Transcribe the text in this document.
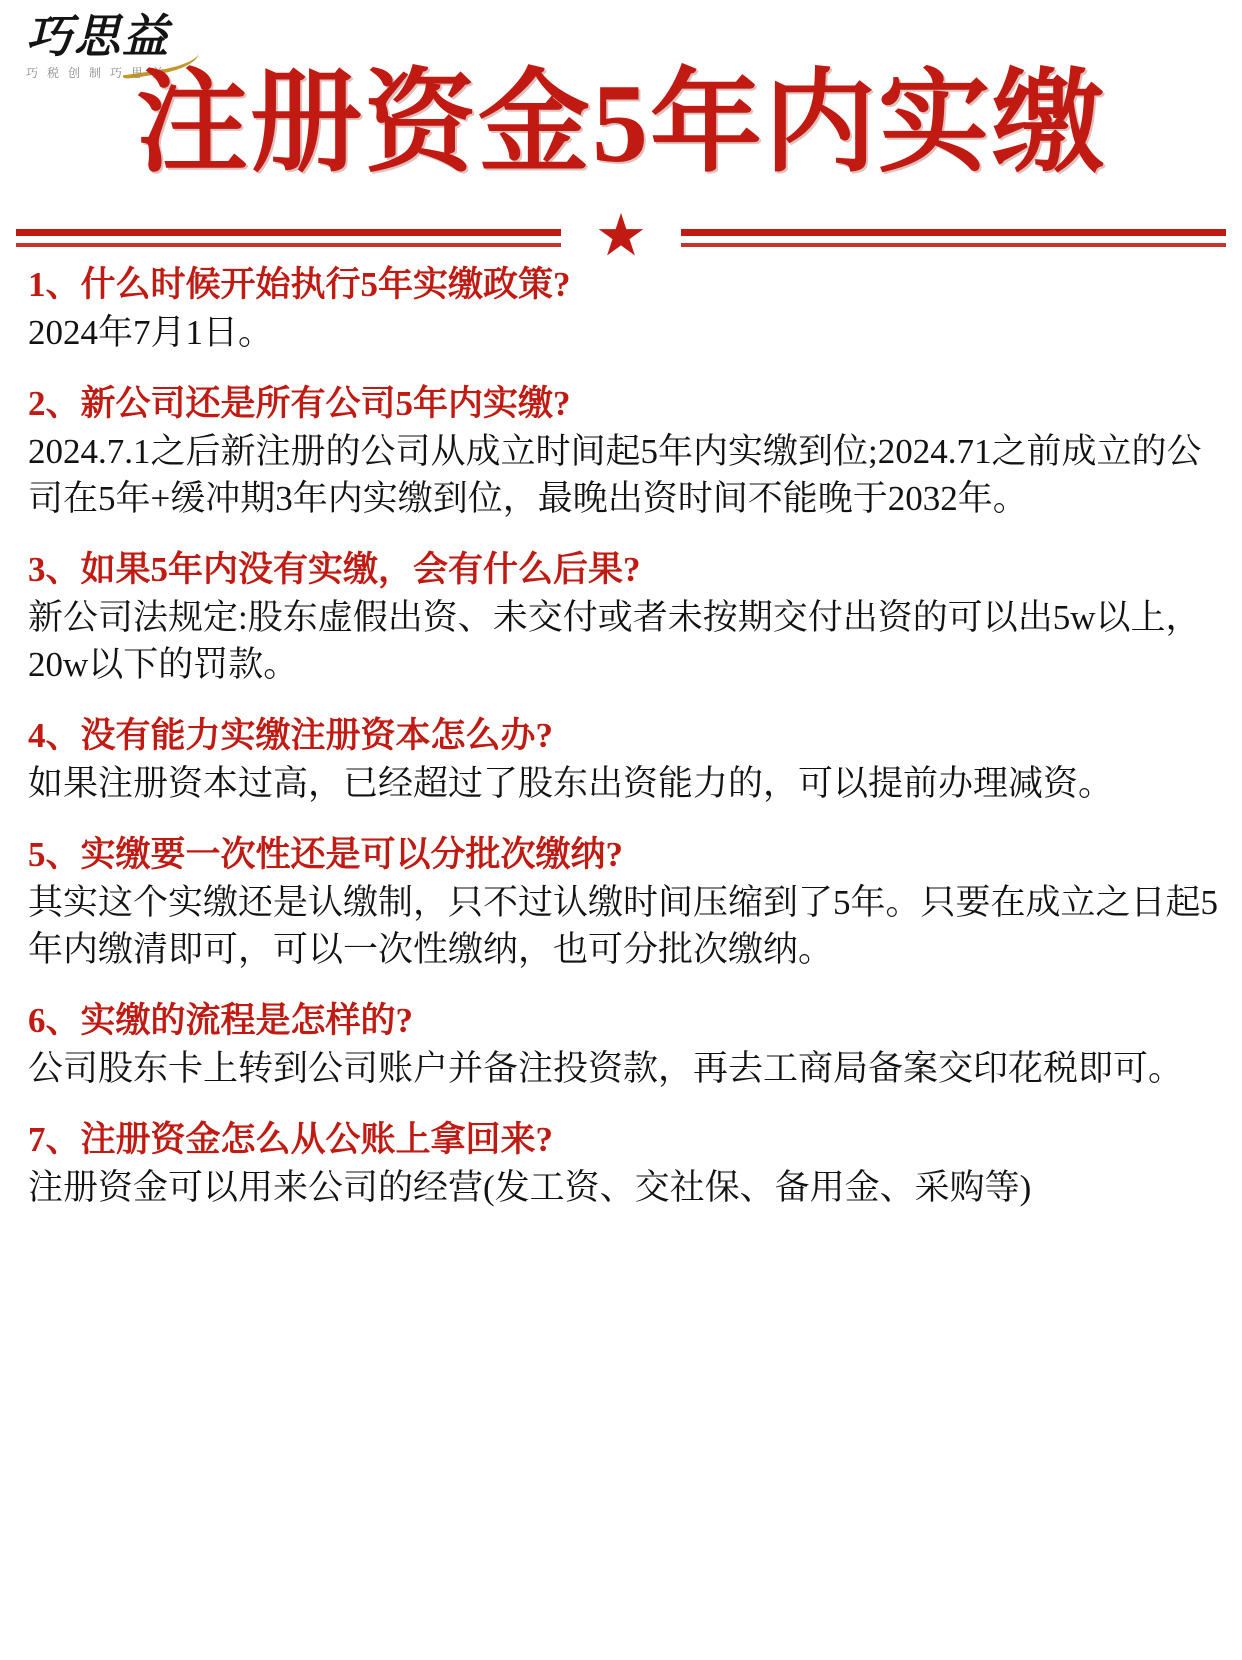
巧思益
巧 税 创 制 巧 思 益
注册资金5年内实缴
★
1、什么时候开始执行5年实缴政策?
2024年7月1日。
2、新公司还是所有公司5年内实缴?
2024.7.1之后新注册的公司从成立时间起5年内实缴到位;2024.71之前成立的公司在5年+缓冲期3年内实缴到位，最晚出资时间不能晚于2032年。
3、如果5年内没有实缴，会有什么后果?
新公司法规定:股东虚假出资、未交付或者未按期交付出资的可以出5w以上，20w以下的罚款。
4、没有能力实缴注册资本怎么办?
如果注册资本过高，已经超过了股东出资能力的，可以提前办理减资。
5、实缴要一次性还是可以分批次缴纳?
其实这个实缴还是认缴制，只不过认缴时间压缩到了5年。只要在成立之日起5年内缴清即可，可以一次性缴纳，也可分批次缴纳。
6、实缴的流程是怎样的?
公司股东卡上转到公司账户并备注投资款，再去工商局备案交印花税即可。
7、注册资金怎么从公账上拿回来?
注册资金可以用来公司的经营(发工资、交社保、备用金、采购等)
